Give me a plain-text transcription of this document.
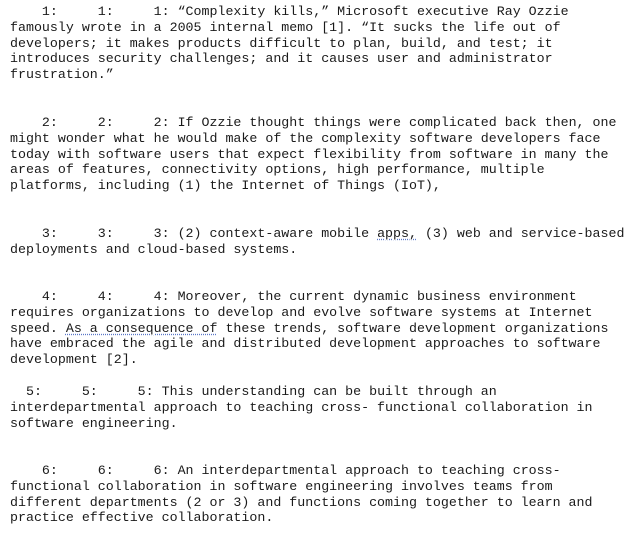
1:     1:     1: “Complexity kills,” Microsoft executive Ray Ozzie famously wrote in a 2005 internal memo [1]. “It sucks the life out of developers; it makes products difficult to plan, build, and test; it introduces security challenges; and it causes user and administrator frustration.”

2:     2:     2: If Ozzie thought things were complicated back then, one might wonder what he would make of the complexity software developers face today with software users that expect flexibility from software in many the areas of features, connectivity options, high performance, multiple platforms, including (1) the Internet of Things (IoT),

3:     3:     3: (2) context-aware mobile apps, (3) web and service-based deployments and cloud-based systems.

4:     4:     4: Moreover, the current dynamic business environment requires organizations to develop and evolve software systems at Internet speed. As a consequence of these trends, software development organizations have embraced the agile and distributed development approaches to software development [2].

5:     5:     5: This understanding can be built through an interdepartmental approach to teaching cross- functional collaboration in software engineering.

6:     6:     6: An interdepartmental approach to teaching cross-functional collaboration in software engineering involves teams from different departments (2 or 3) and functions coming together to learn and practice effective collaboration.
